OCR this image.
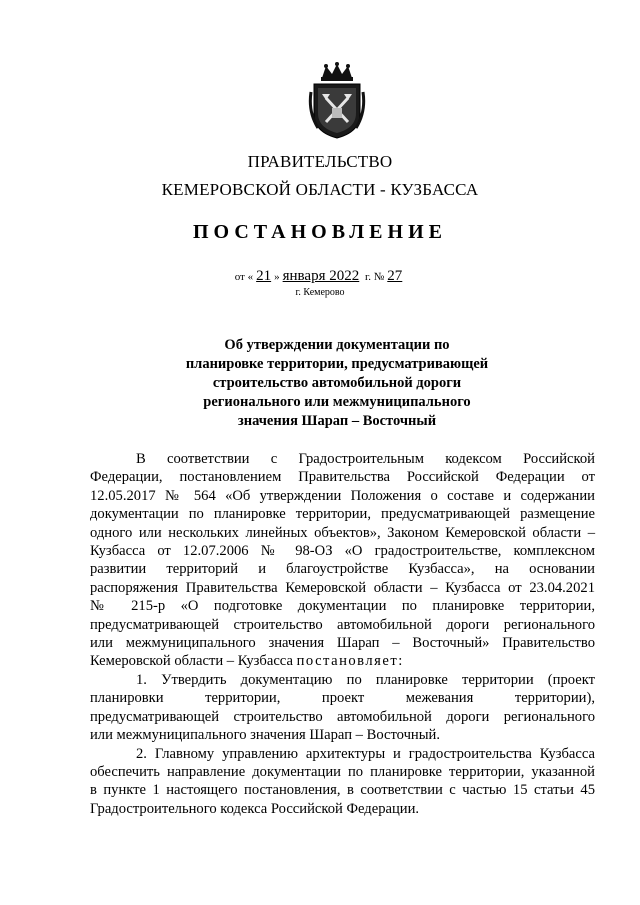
ПРАВИТЕЛЬСТВО
КЕМЕРОВСКОЙ ОБЛАСТИ - КУЗБАССА
ПОСТАНОВЛЕНИЕ
от « 21 » января 2022 г. № 27
г. Кемерово
Об утверждении документации по
планировке территории, предусматривающей
строительство автомобильной дороги
регионального или межмуниципального
значения Шарап – Восточный
В соответствии с Градостроительным кодексом Российской
Федерации, постановлением Правительства Российской Федерации от
12.05.2017 № 564 «Об утверждении Положения о составе и содержании
документации по планировке территории, предусматривающей размещение
одного или нескольких линейных объектов», Законом Кемеровской области –
Кузбасса от 12.07.2006 № 98-ОЗ «О градостроительстве, комплексном
развитии территорий и благоустройстве Кузбасса», на основании
распоряжения Правительства Кемеровской области – Кузбасса от 23.04.2021
№ 215-р «О подготовке документации по планировке территории,
предусматривающей строительство автомобильной дороги регионального
или межмуниципального значения Шарап – Восточный» Правительство
Кемеровской области – Кузбасса постановляет:
1. Утвердить документацию по планировке территории (проект
планировки территории, проект межевания территории),
предусматривающей строительство автомобильной дороги регионального
или межмуниципального значения Шарап – Восточный.
2. Главному управлению архитектуры и градостроительства Кузбасса
обеспечить направление документации по планировке территории, указанной
в пункте 1 настоящего постановления, в соответствии с частью 15 статьи 45
Градостроительного кодекса Российской Федерации.
